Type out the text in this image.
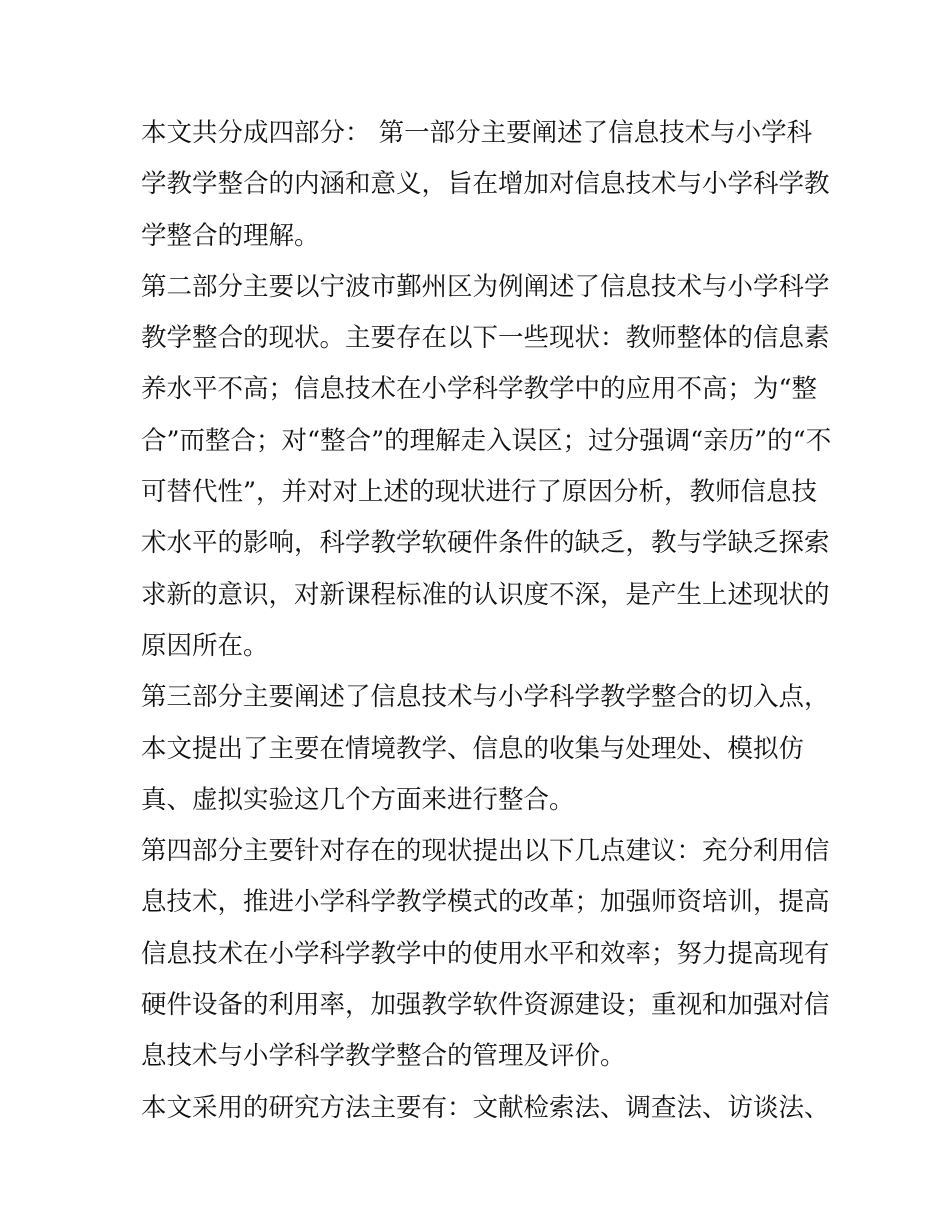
本文共分成四部分： 第一部分主要阐述了信息技术与小学科
学教学整合的内涵和意义，旨在增加对信息技术与小学科学教
学整合的理解。
第二部分主要以宁波市鄞州区为例阐述了信息技术与小学科学
教学整合的现状。主要存在以下一些现状：教师整体的信息素
养水平不高；信息技术在小学科学教学中的应用不高；为“整
合”而整合；对“整合”的理解走入误区；过分强调“亲历”的“不
可替代性”，并对对上述的现状进行了原因分析，教师信息技
术水平的影响，科学教学软硬件条件的缺乏，教与学缺乏探索
求新的意识，对新课程标准的认识度不深，是产生上述现状的
原因所在。
第三部分主要阐述了信息技术与小学科学教学整合的切入点，
本文提出了主要在情境教学、信息的收集与处理处、模拟仿
真、虚拟实验这几个方面来进行整合。
第四部分主要针对存在的现状提出以下几点建议：充分利用信
息技术，推进小学科学教学模式的改革；加强师资培训，提高
信息技术在小学科学教学中的使用水平和效率；努力提高现有
硬件设备的利用率，加强教学软件资源建设；重视和加强对信
息技术与小学科学教学整合的管理及评价。
本文采用的研究方法主要有：文献检索法、调查法、访谈法、
